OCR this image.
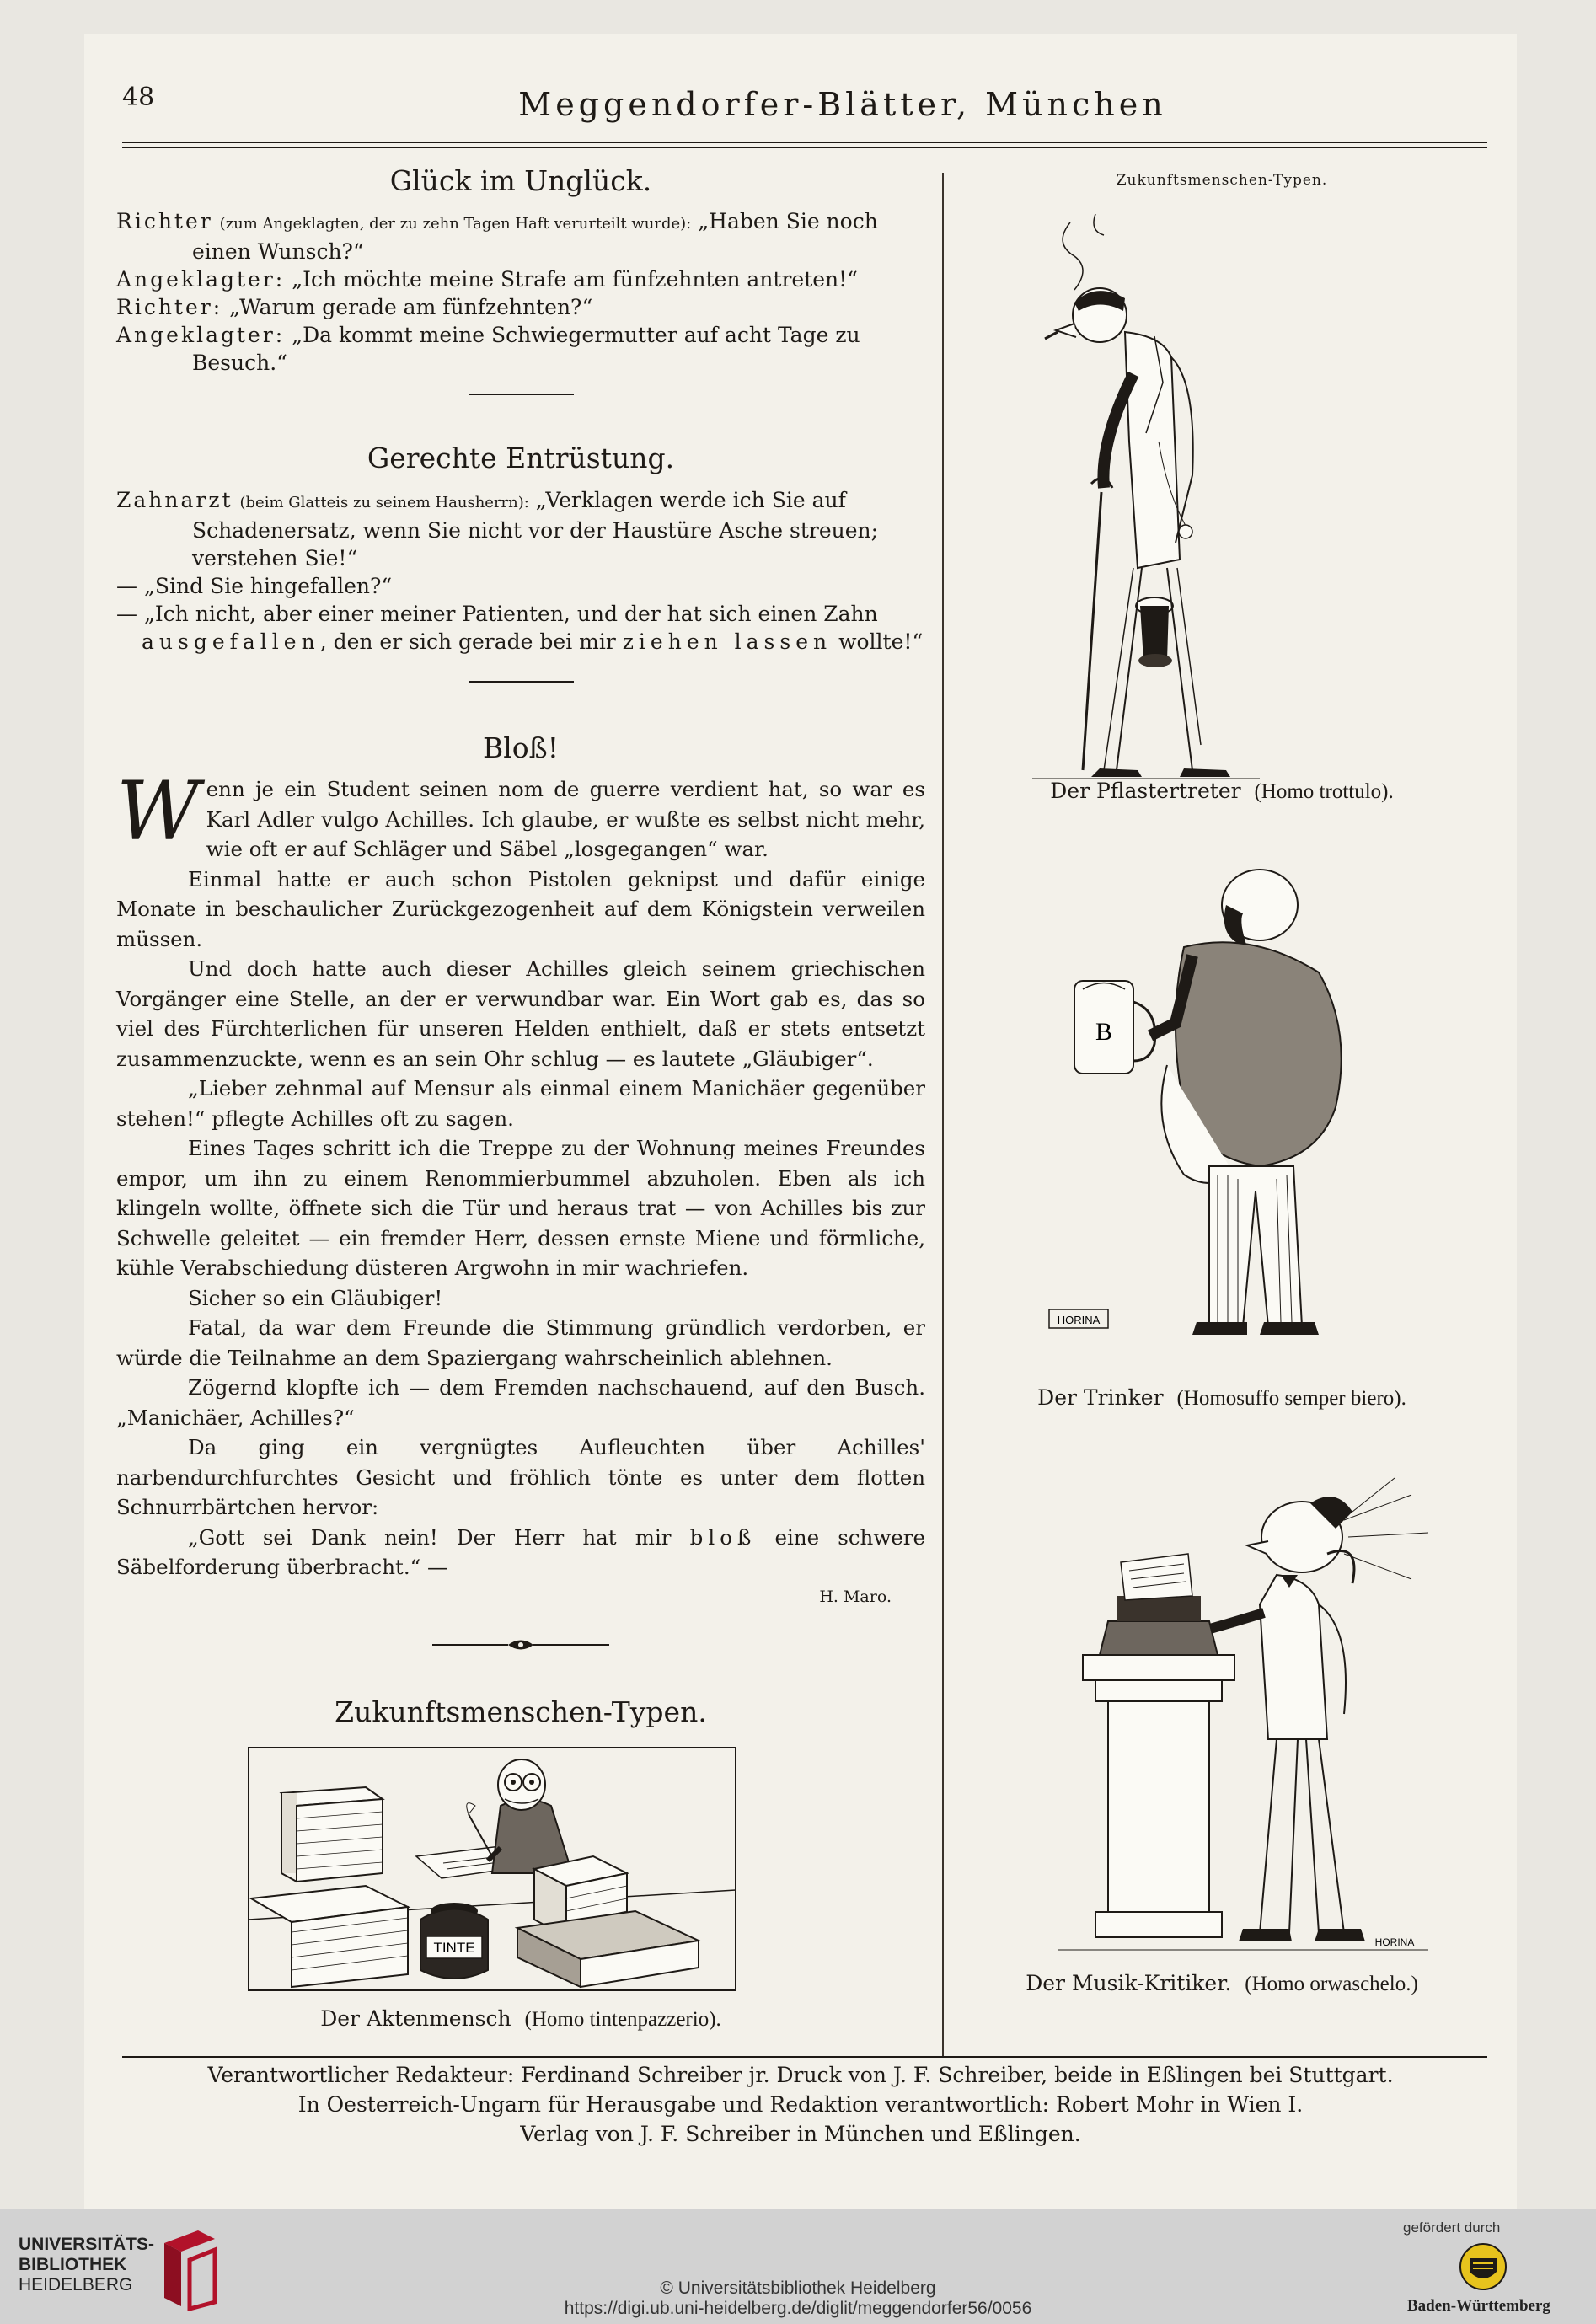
48	Meggendorfer-Blätter, München
Glück im Unglück.

Richter (zum Angeklagten, der zu zehn Tagen Haft verurteilt wurde): „Haben Sie noch einen Wunsch?“

Angeklagter: „Ich möchte meine Strafe am fünfzehnten antreten!“

Richter: „Warum gerade am fünfzehnten?“

Angeklagter: „Da kommt meine Schwiegermutter auf acht Tage zu Besuch.“

Gerechte Entrüstung.

Zahnarzt (beim Glatteis zu seinem Hausherrn): „Verklagen werde ich Sie auf Schadenersatz, wenn Sie nicht vor der Haustüre Asche streuen; verstehen Sie!“

— „Sind Sie hingefallen?“

— „Ich nicht, aber einer meiner Patienten, und der hat sich einen Zahn ausgefallen, den er sich gerade bei mir ziehen lassen wollte!“

Bloß!

Wenn je ein Student seinen nom de guerre verdient hat, so war es Karl Adler vulgo Achilles. Ich glaube, er wußte es selbst nicht mehr, wie oft er auf Schläger und Säbel „losgegangen“ war.

Einmal hatte er auch schon Pistolen geknipst und dafür einige Monate in beschaulicher Zurückgezogenheit auf dem Königstein verweilen müssen.

Und doch hatte auch dieser Achilles gleich seinem griechischen Vorgänger eine Stelle, an der er verwundbar war. Ein Wort gab es, das so viel des Fürchterlichen für unseren Helden enthielt, daß er stets entsetzt zusammenzuckte, wenn es an sein Ohr schlug — es lautete „Gläubiger“.

„Lieber zehnmal auf Mensur als einmal einem Manichäer gegenüber stehen!“ pflegte Achilles oft zu sagen.

Eines Tages schritt ich die Treppe zu der Wohnung meines Freundes empor, um ihn zu einem Renommierbummel abzuholen. Eben als ich klingeln wollte, öffnete sich die Tür und heraus trat — von Achilles bis zur Schwelle geleitet — ein fremder Herr, dessen ernste Miene und förmliche, kühle Verabschiedung düsteren Argwohn in mir wachriefen.

Sicher so ein Gläubiger!

Fatal, da war dem Freunde die Stimmung gründlich verdorben, er würde die Teilnahme an dem Spaziergang wahrscheinlich ablehnen.

Zögernd klopfte ich — dem Fremden nachschauend, auf den Busch. „Manichäer, Achilles?“

Da ging ein vergnügtes Aufleuchten über Achilles' narbendurchfurchtes Gesicht und fröhlich tönte es unter dem flotten Schnurrbärtchen hervor:

„Gott sei Dank nein! Der Herr hat mir bloß eine schwere Säbelforderung überbracht.“ —

H. Maro.
Zukunftsmenschen-Typen.
TINTE
Der Aktenmensch (Homo tintenpazzerio).
Zukunftsmenschen-Typen.
Der Pflastertreter (Homo trottulo).
B
HORINA
Der Trinker (Homosuffo semper biero).
HORINA
Der Musik-Kritiker. (Homo orwaschelo.)
Verantwortlicher Redakteur: Ferdinand Schreiber jr. Druck von J. F. Schreiber, beide in Eßlingen bei Stuttgart.
In Oesterreich-Ungarn für Herausgabe und Redaktion verantwortlich: Robert Mohr in Wien I.
Verlag von J. F. Schreiber in München und Eßlingen.
UNIVERSITÄTS-
BIBLIOTHEK
HEIDELBERG	© Universitätsbibliothek Heidelberg
https://digi.ub.uni-heidelberg.de/diglit/meggendorfer56/0056
gefördert durch
Baden-Württemberg
